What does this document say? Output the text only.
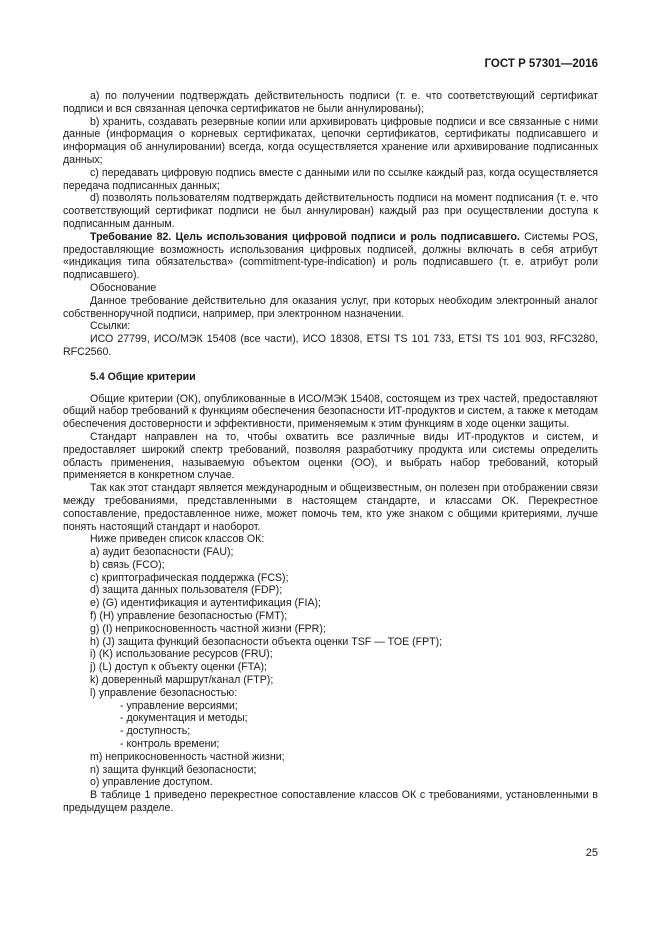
ГОСТ Р 57301—2016

a) по получении подтверждать действительность подписи (т. е. что соответствующий сертификат подписи и вся связанная цепочка сертификатов не были аннулированы);

b) хранить, создавать резервные копии или архивировать цифровые подписи и все связанные с ними данные (информация о корневых сертификатах, цепочки сертификатов, сертификаты подписавшего и информация об аннулировании) всегда, когда осуществляется хранение или архивирование подписанных данных;

c) передавать цифровую подпись вместе с данными или по ссылке каждый раз, когда осуществляется передача подписанных данных;

d) позволять пользователям подтверждать действительность подписи на момент подписания (т. е. что соответствующий сертификат подписи не был аннулирован) каждый раз при осуществлении доступа к подписанным данным.

Требование 82. Цель использования цифровой подписи и роль подписавшего. Системы POS, предоставляющие возможность использования цифровых подписей, должны включать в себя атрибут «индикация типа обязательства» (commitment-type-indication) и роль подписавшего (т. е. атрибут роли подписавшего).

Обоснование

Данное требование действительно для оказания услуг, при которых необходим электронный аналог собственноручной подписи, например, при электронном назначении.

Ссылки:

ИСО 27799, ИСО/МЭК 15408 (все части), ИСО 18308, ETSI TS 101 733, ETSI TS 101 903, RFC3280, RFC2560.

5.4 Общие критерии

Общие критерии (ОК), опубликованные в ИСО/МЭК 15408, состоящем из трех частей, предоставляют общий набор требований к функциям обеспечения безопасности ИТ-продуктов и систем, а также к методам обеспечения достоверности и эффективности, применяемым к этим функциям в ходе оценки защиты.

Стандарт направлен на то, чтобы охватить все различные виды ИТ-продуктов и систем, и предоставляет широкий спектр требований, позволяя разработчику продукта или системы определить область применения, называемую объектом оценки (ОО), и выбрать набор требований, который применяется в конкретном случае.

Так как этот стандарт является международным и общеизвестным, он полезен при отображении связи между требованиями, представленными в настоящем стандарте, и классами ОК. Перекрестное сопоставление, предоставленное ниже, может помочь тем, кто уже знаком с общими критериями, лучше понять настоящий стандарт и наоборот.

Ниже приведен список классов ОК:

a) аудит безопасности (FAU);
b) связь (FCO);
c) криптографическая поддержка (FCS);
d) защита данных пользователя (FDP);
e) (G) идентификация и аутентификация (FIA);
f) (H) управление безопасностью (FMT);
g) (I) неприкосновенность частной жизни (FPR);
h) (J) защита функций безопасности объекта оценки TSF — TOE (FPT);
i) (K) использование ресурсов (FRU);
j) (L) доступ к объекту оценки (FTA);
k) доверенный маршрут/канал (FTP);
l) управление безопасностью:
- управление версиями;
- документация и методы;
- доступность;
- контроль времени;
m) неприкосновенность частной жизни;
n) защита функций безопасности;
o) управление доступом.

В таблице 1 приведено перекрестное сопоставление классов ОК с требованиями, установленными в предыдущем разделе.

25
